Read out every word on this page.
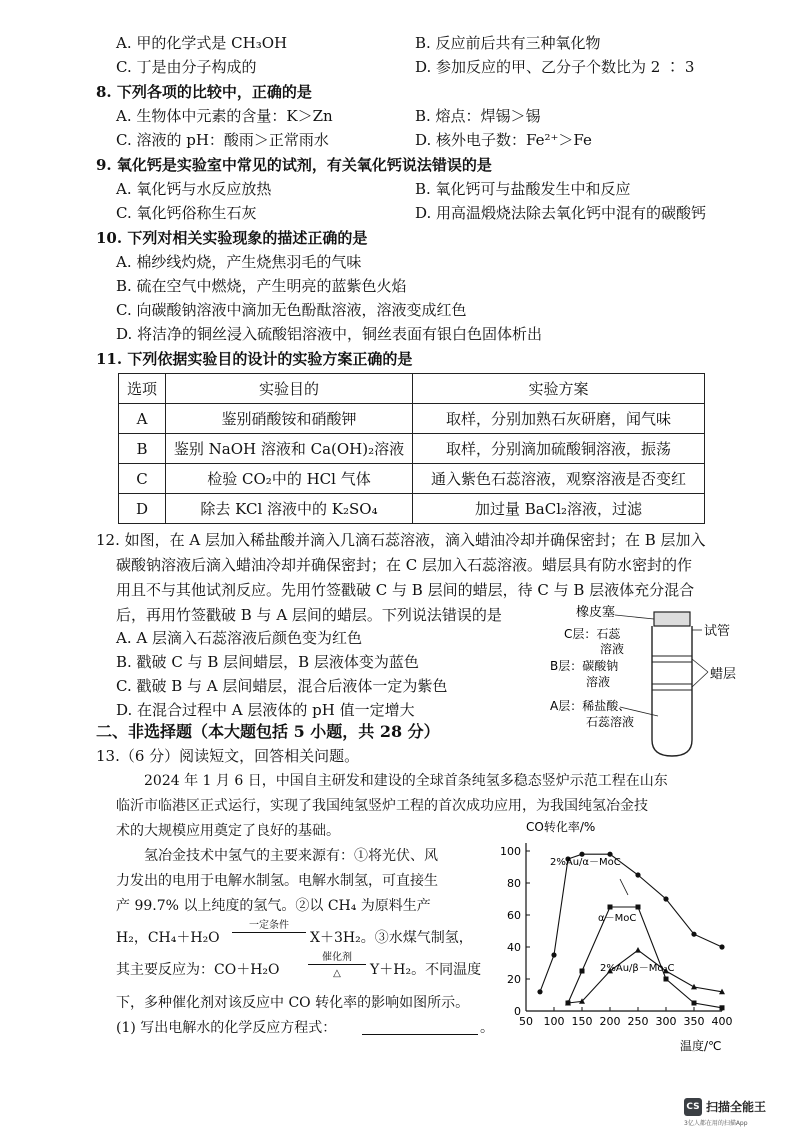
A. 甲的化学式是 CH₃OH	B. 反应前后共有三种氧化物
C. 丁是由分子构成的	D. 参加反应的甲、乙分子个数比为 2 ∶ 3
8. 下列各项的比较中，正确的是
A. 生物体中元素的含量：K＞Zn	B. 熔点：焊锡＞锡
C. 溶液的 pH：酸雨＞正常雨水	D. 核外电子数：Fe²⁺＞Fe
9. 氧化钙是实验室中常见的试剂，有关氧化钙说法错误的是
A. 氧化钙与水反应放热	B. 氧化钙可与盐酸发生中和反应
C. 氧化钙俗称生石灰	D. 用高温煅烧法除去氧化钙中混有的碳酸钙
10. 下列对相关实验现象的描述正确的是
A. 棉纱线灼烧，产生烧焦羽毛的气味
B. 硫在空气中燃烧，产生明亮的蓝紫色火焰
C. 向碳酸钠溶液中滴加无色酚酞溶液，溶液变成红色
D. 将洁净的铜丝浸入硫酸铝溶液中，铜丝表面有银白色固体析出
11. 下列依据实验目的设计的实验方案正确的是
选项	实验目的	实验方案
A	鉴别硝酸铵和硝酸钾	取样，分别加熟石灰研磨，闻气味
B	鉴别 NaOH 溶液和 Ca(OH)₂溶液	取样，分别滴加硫酸铜溶液，振荡
C	检验 CO₂中的 HCl 气体	通入紫色石蕊溶液，观察溶液是否变红
D	除去 KCl 溶液中的 K₂SO₄	加过量 BaCl₂溶液，过滤
12. 如图，在 A 层加入稀盐酸并滴入几滴石蕊溶液，滴入蜡油冷却并确保密封；在 B 层加入
碳酸钠溶液后滴入蜡油冷却并确保密封；在 C 层加入石蕊溶液。蜡层具有防水密封的作
用且不与其他试剂反应。先用竹签戳破 C 与 B 层间的蜡层，待 C 与 B 层液体充分混合
后，再用竹签戳破 B 与 A 层间的蜡层。下列说法错误的是
A. A 层滴入石蕊溶液后颜色变为红色
B. 戳破 C 与 B 层间蜡层，B 层液体变为蓝色
C. 戳破 B 与 A 层间蜡层，混合后液体一定为紫色
D. 在混合过程中 A 层液体的 pH 值一定增大
橡皮塞
试管
C层：石蕊
溶液
B层：碳酸钠
溶液	蜡层
A层：稀盐酸、
石蕊溶液
二、非选择题（本大题包括 5 小题，共 28 分）
13.（6 分）阅读短文，回答相关问题。
2024 年 1 月 6 日，中国自主研发和建设的全球首条纯氢多稳态竖炉示范工程在山东
临沂市临港区正式运行，实现了我国纯氢竖炉工程的首次成功应用，为我国纯氢冶金技
术的大规模应用奠定了良好的基础。
氢冶金技术中氢气的主要来源有：①将光伏、风
力发出的电用于电解水制氢。电解水制氢，可直接生
产 99.7% 以上纯度的氢气。②以 CH₄ 为原料生产
H₂，CH₄＋H₂O
一定条件
X＋3H₂。③水煤气制氢，
其主要反应为：CO＋H₂O
催化剂
△	Y＋H₂。不同温度
下，多种催化剂对该反应中 CO 转化率的影响如图所示。
(1) 写出电解水的化学反应方程式：	。
CO转化率/%
温度/℃
50 100 150 200 250 300 350 400
0
20
40
60
80
100
2%Au/α－MoC
α－MoC
2%Au/β－Mo₂C
CS 扫描全能王
3亿人都在用的扫描App
